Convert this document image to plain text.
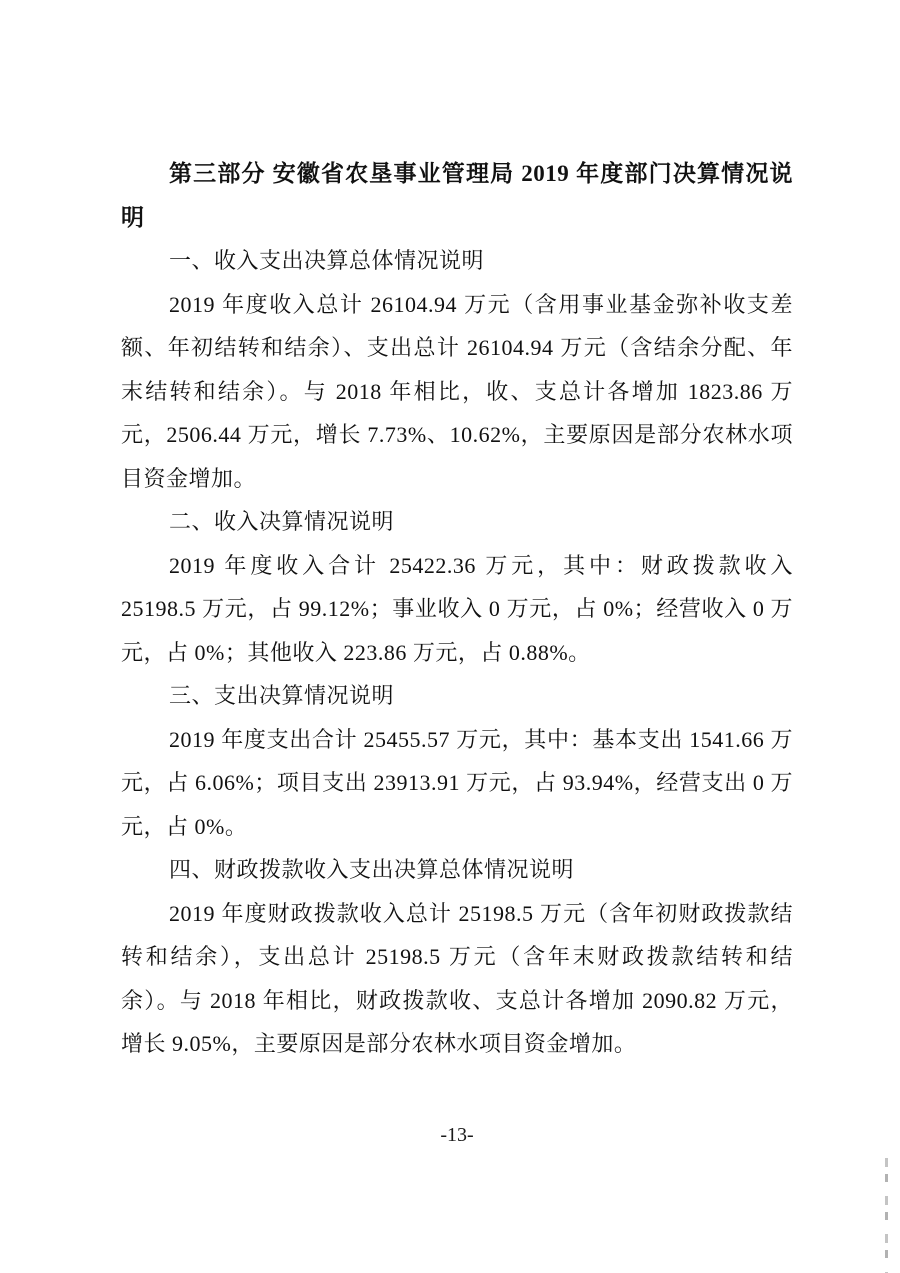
第三部分 安徽省农垦事业管理局 2019 年度部门决算情况说明
一、收入支出决算总体情况说明

2019 年度收入总计 26104.94 万元（含用事业基金弥补收支差额、年初结转和结余）、支出总计 26104.94 万元（含结余分配、年末结转和结余）。与 2018 年相比，收、支总计各增加 1823.86 万元，2506.44 万元，增长 7.73%、10.62%，主要原因是部分农林水项目资金增加。

二、收入决算情况说明

2019 年度收入合计 25422.36 万元，其中：财政拨款收入 25198.5 万元，占 99.12%；事业收入 0 万元，占 0%；经营收入 0 万元，占 0%；其他收入 223.86 万元，占 0.88%。

三、支出决算情况说明

2019 年度支出合计 25455.57 万元，其中：基本支出 1541.66 万元，占 6.06%；项目支出 23913.91 万元，占 93.94%，经营支出 0 万元，占 0%。

四、财政拨款收入支出决算总体情况说明

2019 年度财政拨款收入总计 25198.5 万元（含年初财政拨款结转和结余），支出总计 25198.5 万元（含年末财政拨款结转和结余）。与 2018 年相比，财政拨款收、支总计各增加 2090.82 万元，增长 9.05%，主要原因是部分农林水项目资金增加。

-13-
